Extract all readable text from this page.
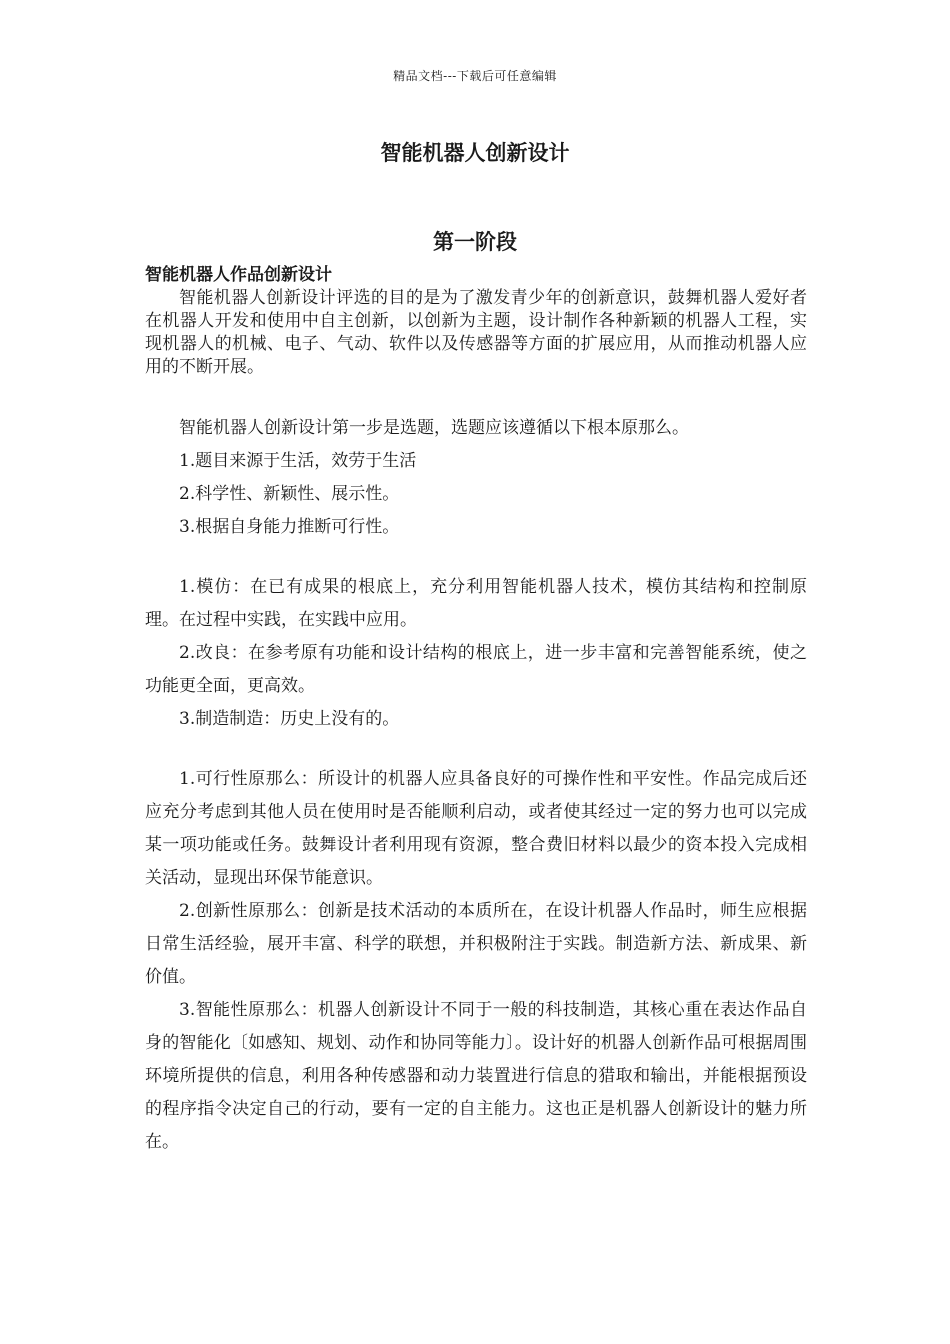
精品文档---下载后可任意编辑
智能机器人创新设计
第一阶段
智能机器人作品创新设计

智能机器人创新设计评选的目的是为了激发青少年的创新意识，鼓舞机器人爱好者在机器人开发和使用中自主创新，以创新为主题，设计制作各种新颖的机器人工程，实现机器人的机械、电子、气动、软件以及传感器等方面的扩展应用，从而推动机器人应用的不断开展。

智能机器人创新设计第一步是选题，选题应该遵循以下根本原那么。

1.题目来源于生活，效劳于生活

2.科学性、新颖性、展示性。

3.根据自身能力推断可行性。

1.模仿：在已有成果的根底上，充分利用智能机器人技术，模仿其结构和控制原理。在过程中实践，在实践中应用。

2.改良：在参考原有功能和设计结构的根底上，进一步丰富和完善智能系统，使之功能更全面，更高效。

3.制造制造：历史上没有的。

1.可行性原那么：所设计的机器人应具备良好的可操作性和平安性。作品完成后还应充分考虑到其他人员在使用时是否能顺利启动，或者使其经过一定的努力也可以完成某一项功能或任务。鼓舞设计者利用现有资源，整合费旧材料以最少的资本投入完成相关活动，显现出环保节能意识。

2.创新性原那么：创新是技术活动的本质所在，在设计机器人作品时，师生应根据日常生活经验，展开丰富、科学的联想，并积极附注于实践。制造新方法、新成果、新价值。

3.智能性原那么：机器人创新设计不同于一般的科技制造，其核心重在表达作品自身的智能化〔如感知、规划、动作和协同等能力〕。设计好的机器人创新作品可根据周围环境所提供的信息，利用各种传感器和动力装置进行信息的猎取和输出，并能根据预设的程序指令决定自己的行动，要有一定的自主能力。这也正是机器人创新设计的魅力所在。
